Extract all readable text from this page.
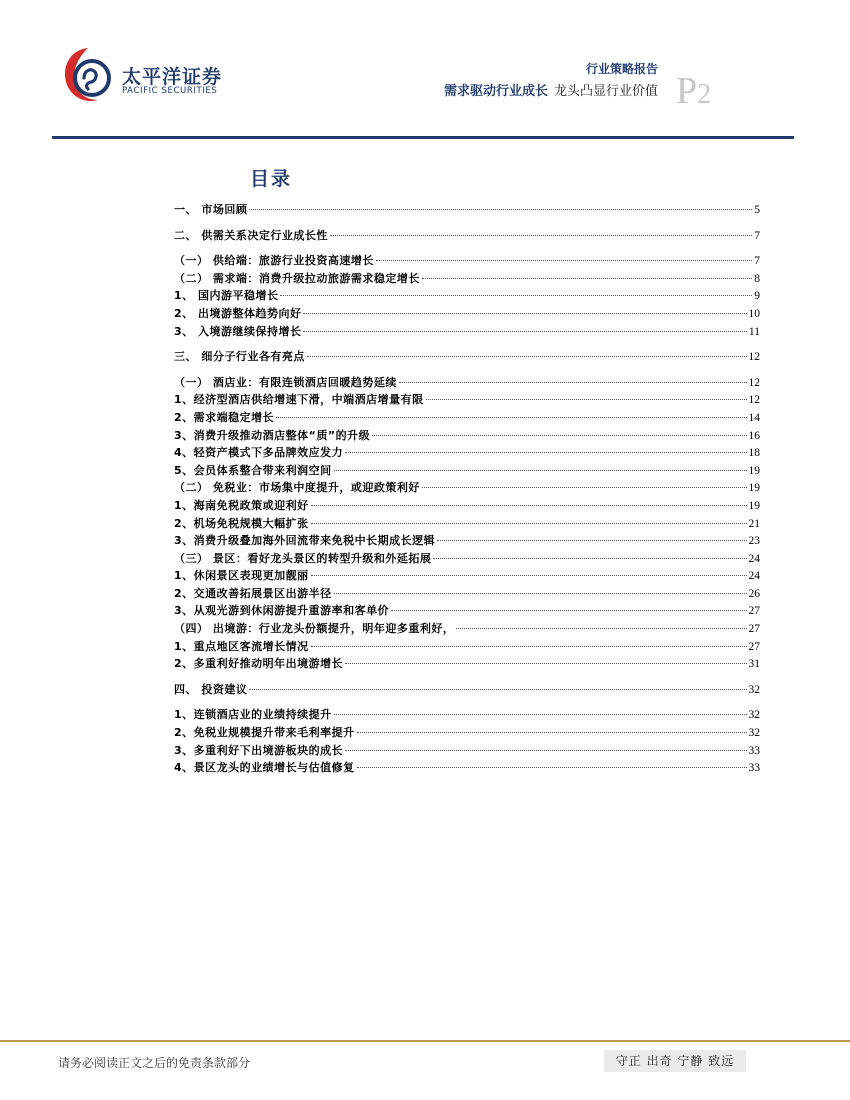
太平洋证券
PACIFIC SECURITIES
行业策略报告
需求驱动行业成长 龙头凸显行业价值 P2
目录
一、 市场回顾	5
二、 供需关系决定行业成长性	7
（一） 供给端：旅游行业投资高速增长	7
（二） 需求端：消费升级拉动旅游需求稳定增长	8
1、 国内游平稳增长	9
2、 出境游整体趋势向好	10
3、 入境游继续保持增长	11
三、 细分子行业各有亮点	12
（一） 酒店业：有限连锁酒店回暖趋势延续	12
1、经济型酒店供给增速下滑，中端酒店增量有限	12
2、需求端稳定增长	14
3、消费升级推动酒店整体“质”的升级	16
4、轻资产模式下多品牌效应发力	18
5、会员体系整合带来利润空间	19
（二） 免税业：市场集中度提升，或迎政策利好	19
1、海南免税政策或迎利好	19
2、机场免税规模大幅扩张	21
3、消费升级叠加海外回流带来免税中长期成长逻辑	23
（三） 景区：看好龙头景区的转型升级和外延拓展	24
1、休闲景区表现更加靓丽	24
2、交通改善拓展景区出游半径	26
3、从观光游到休闲游提升重游率和客单价	27
（四） 出境游：行业龙头份额提升，明年迎多重利好，	27
1、重点地区客流增长情况	27
2、多重利好推动明年出境游增长	31
四、 投资建议	32
1、连锁酒店业的业绩持续提升	32
2、免税业规模提升带来毛利率提升	32
3、多重利好下出境游板块的成长	33
4、景区龙头的业绩增长与估值修复	33
请务必阅读正文之后的免责条款部分	守正 出奇 宁静 致远
